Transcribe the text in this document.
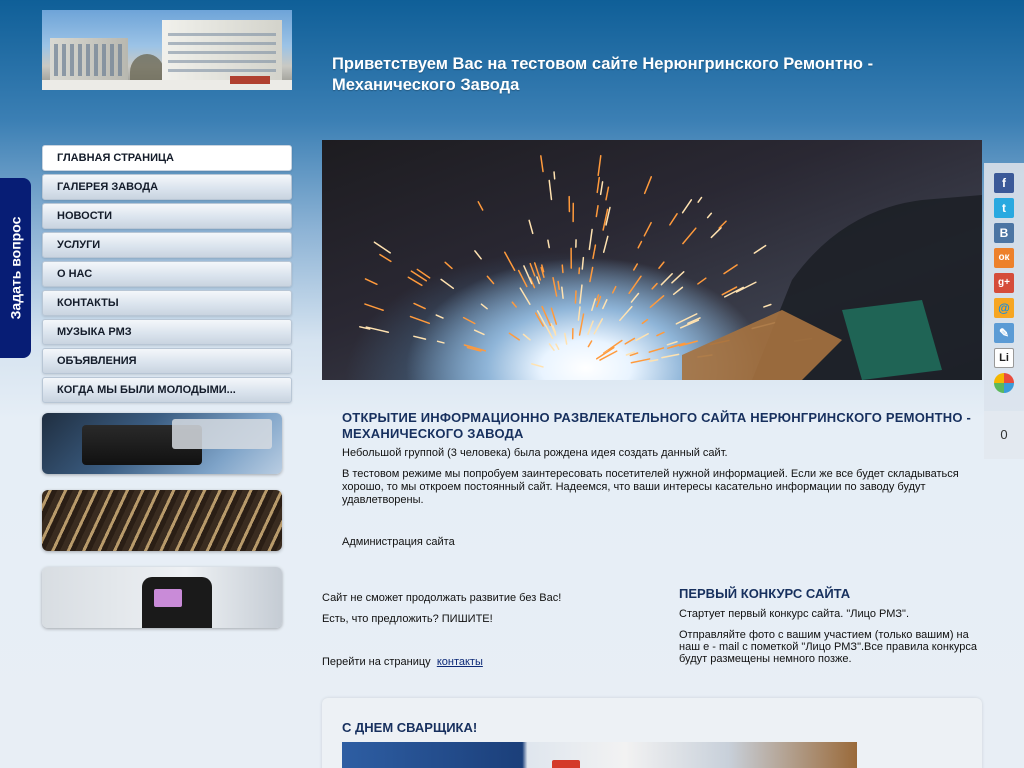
Приветствуем Вас на тестовом сайте Нерюнгринского Ремонтно - Механического Завода
Задать вопрос
ГЛАВНАЯ СТРАНИЦА
ГАЛЕРЕЯ ЗАВОДА
НОВОСТИ
УСЛУГИ
О НАС
КОНТАКТЫ
МУЗЫКА РМЗ
ОБЪЯВЛЕНИЯ
КОГДА МЫ БЫЛИ МОЛОДЫМИ...
f
t
В
ок
g+
@
✎
Li
0
ОТКРЫТИЕ ИНФОРМАЦИОННО РАЗВЛЕКАТЕЛЬНОГО САЙТА НЕРЮНГРИНСКОГО РЕМОНТНО - МЕХАНИЧЕСКОГО ЗАВОДА

Небольшой группой (3 человека) была рождена идея создать данный сайт.

В тестовом режиме мы попробуем заинтересовать посетителей нужной информацией. Если же все будет складываться хорошо, то мы откроем постоянный сайт. Надеемся, что ваши интересы касательно информации по заводу будут удавлетворены.

Администрация сайта

Сайт не сможет продолжать развитие без Вас!

Есть, что предложить? ПИШИТЕ!

Перейти на страницу контакты

ПЕРВЫЙ КОНКУРС САЙТА

Стартует первый конкурс сайта. "Лицо РМЗ".

Отправляйте фото с вашим участием (только вашим) на наш е - mail с пометкой "Лицо РМЗ".Все правила конкурса будут размещены немного позже.

С ДНЕМ СВАРЩИКА!
